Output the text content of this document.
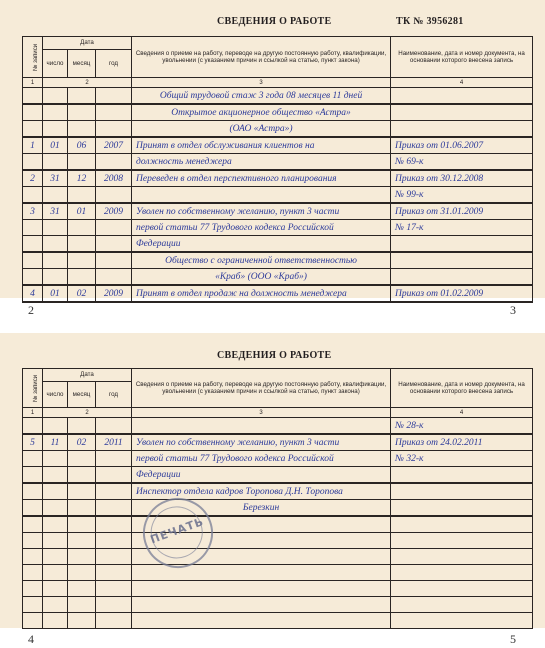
СВЕДЕНИЯ О РАБОТЕ	ТК № 3956281
№ записи	Дата			Сведения о приеме на работу, переводе на другую постоянную работу, квалификации, увольнении (с указанием причин и ссылкой на статью, пункт закона)	Наименование, дата и номер документа, на основании которого внесена запись
	число	месяц	год		
1	2			3	4
				Общий трудовой стаж 3 года 08 месяцев 11 дней	
				Открытое акционерное общество «Астра»	
				(ОАО «Астра»)	
1	01	06	2007	Принят в отдел обслуживания клиентов на	Приказ от 01.06.2007
				должность менеджера	№ 69-к
2	31	12	2008	Переведен в отдел перспективного планирования	Приказ от 30.12.2008
					№ 99-к
3	31	01	2009	Уволен по собственному желанию, пункт 3 части	Приказ от 31.01.2009
				первой статьи 77 Трудового кодекса Российской	№ 17-к
				Федерации	
				Общество с ограниченной ответственностью	
				«Краб» (ООО «Краб»)	
4	01	02	2009	Принят в отдел продаж на должность менеджера	Приказ от 01.02.2009
2	3
СВЕДЕНИЯ О РАБОТЕ
№ записи	Дата			Сведения о приеме на работу, переводе на другую постоянную работу, квалификации, увольнении (с указанием причин и ссылкой на статью, пункт закона)	Наименование, дата и номер документа, на основании которого внесена запись
	число	месяц	год		
1	2			3	4
					№ 28-к
5	11	02	2011	Уволен по собственному желанию, пункт 3 части	Приказ от 24.02.2011
				первой статьи 77 Трудового кодекса Российской	№ 32-к
				Федерации	
				Инспектор отдела кадров Торопова Д.Н. Торопова	
				Березкин	

ПЕЧАТЬ
4	5
